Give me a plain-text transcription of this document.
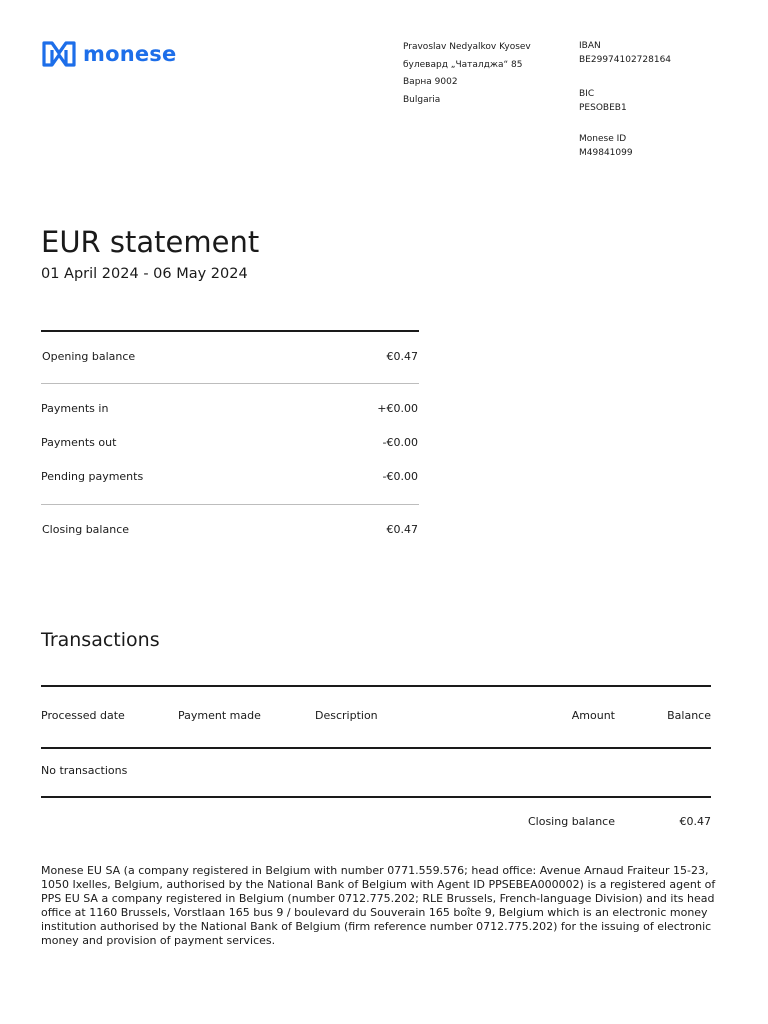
monese	Pravoslav Nedyalkov Kyosev
булевард „Чаталджа“ 85
Варна 9002
Bulgaria
IBAN
BE29974102728164
BIC
PESOBEB1
Monese ID
M49841099
EUR statement
01 April 2024 - 06 May 2024
Opening balance	€0.47
Payments in	+€0.00
Payments out	-€0.00
Pending payments	-€0.00
Closing balance	€0.47
Transactions
Processed date	Payment made	Description	Amount	Balance
No transactions
Closing balance	€0.47
Monese EU SA (a company registered in Belgium with number 0771.559.576; head office: Avenue Arnaud Fraiteur 15-23, 1050 Ixelles, Belgium, authorised by the National Bank of Belgium with Agent ID PPSEBEA000002) is a registered agent of PPS EU SA a company registered in Belgium (number 0712.775.202; RLE Brussels, French-language Division) and its head office at 1160 Brussels, Vorstlaan 165 bus 9 / boulevard du Souverain 165 boîte 9, Belgium which is an electronic money institution authorised by the National Bank of Belgium (firm reference number 0712.775.202) for the issuing of electronic money and provision of payment services.
